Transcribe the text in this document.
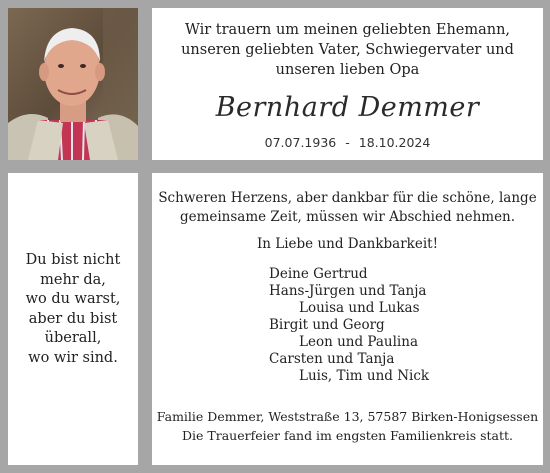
Wir trauern um meinen geliebten Ehemann,
unseren geliebten Vater, Schwiegervater und
unseren lieben Opa
Bernhard Demmer
07.07.1936 - 18.10.2024
Du bist nicht
mehr da,
wo du warst,
aber du bist
überall,
wo wir sind.
Schweren Herzens, aber dankbar für die schöne, lange
gemeinsame Zeit, müssen wir Abschied nehmen.
In Liebe und Dankbarkeit!
Deine Gertrud
Hans-Jürgen und Tanja
Louisa und Lukas
Birgit und Georg
Leon und Paulina
Carsten und Tanja
Luis, Tim und Nick
Familie Demmer, Weststraße 13, 57587 Birken-Honigsessen
Die Trauerfeier fand im engsten Familienkreis statt.
